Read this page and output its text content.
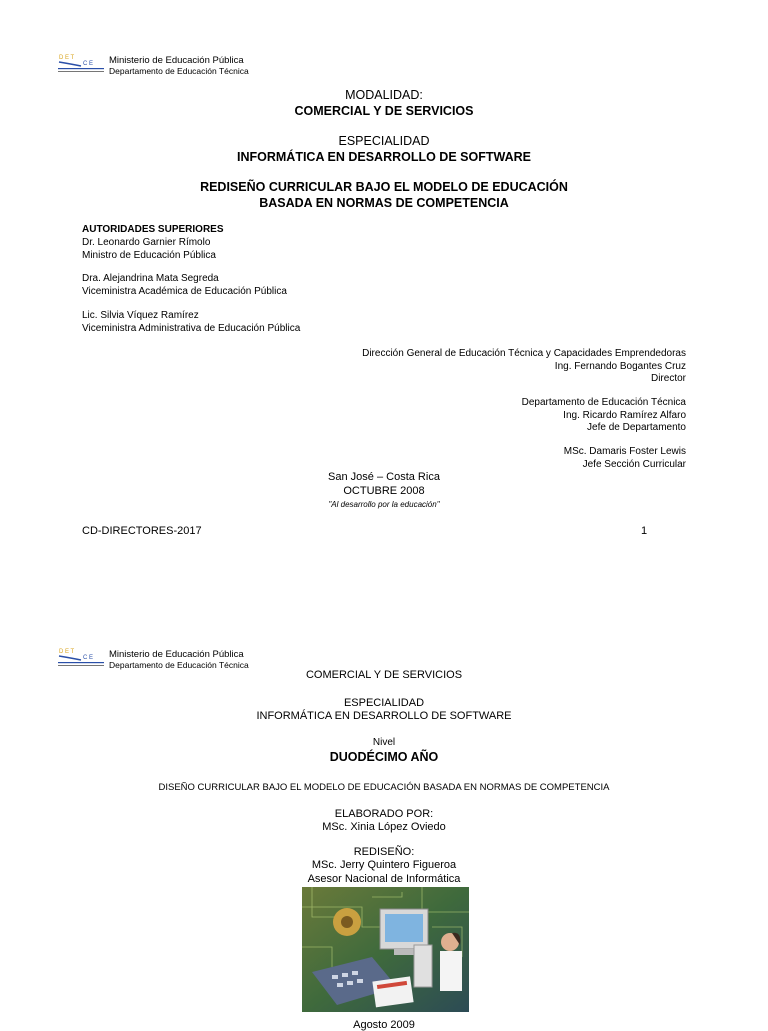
D E T
C E Ministerio de Educación Pública
Departamento de Educación Técnica
MODALIDAD:
COMERCIAL Y DE SERVICIOS
ESPECIALIDAD
INFORMÁTICA EN DESARROLLO DE SOFTWARE
REDISEÑO CURRICULAR BAJO EL MODELO DE EDUCACIÓN
BASADA EN NORMAS DE COMPETENCIA
AUTORIDADES SUPERIORES
Dr. Leonardo Garnier Rímolo
Ministro de Educación Pública
Dra. Alejandrina Mata Segreda
Viceministra Académica de Educación Pública
Lic. Silvia Víquez Ramírez
Viceministra Administrativa de Educación Pública
Dirección General de Educación Técnica y Capacidades Emprendedoras
Ing. Fernando Bogantes Cruz
Director
Departamento de Educación Técnica
Ing. Ricardo Ramírez Alfaro
Jefe de Departamento
MSc. Damaris Foster Lewis
Jefe Sección Curricular
San José – Costa Rica
OCTUBRE 2008
"Al desarrollo por la educación"
CD-DIRECTORES-2017	1
D E T
C E Ministerio de Educación Pública
Departamento de Educación Técnica
COMERCIAL Y DE SERVICIOS
ESPECIALIDAD
INFORMÁTICA EN DESARROLLO DE SOFTWARE
Nivel
DUODÉCIMO AÑO
DISEÑO CURRICULAR BAJO EL MODELO DE EDUCACIÓN BASADA EN NORMAS DE COMPETENCIA
ELABORADO POR:
MSc. Xinia López Oviedo
REDISEÑO:
MSc. Jerry Quintero Figueroa
Asesor Nacional de Informática
Agosto 2009
